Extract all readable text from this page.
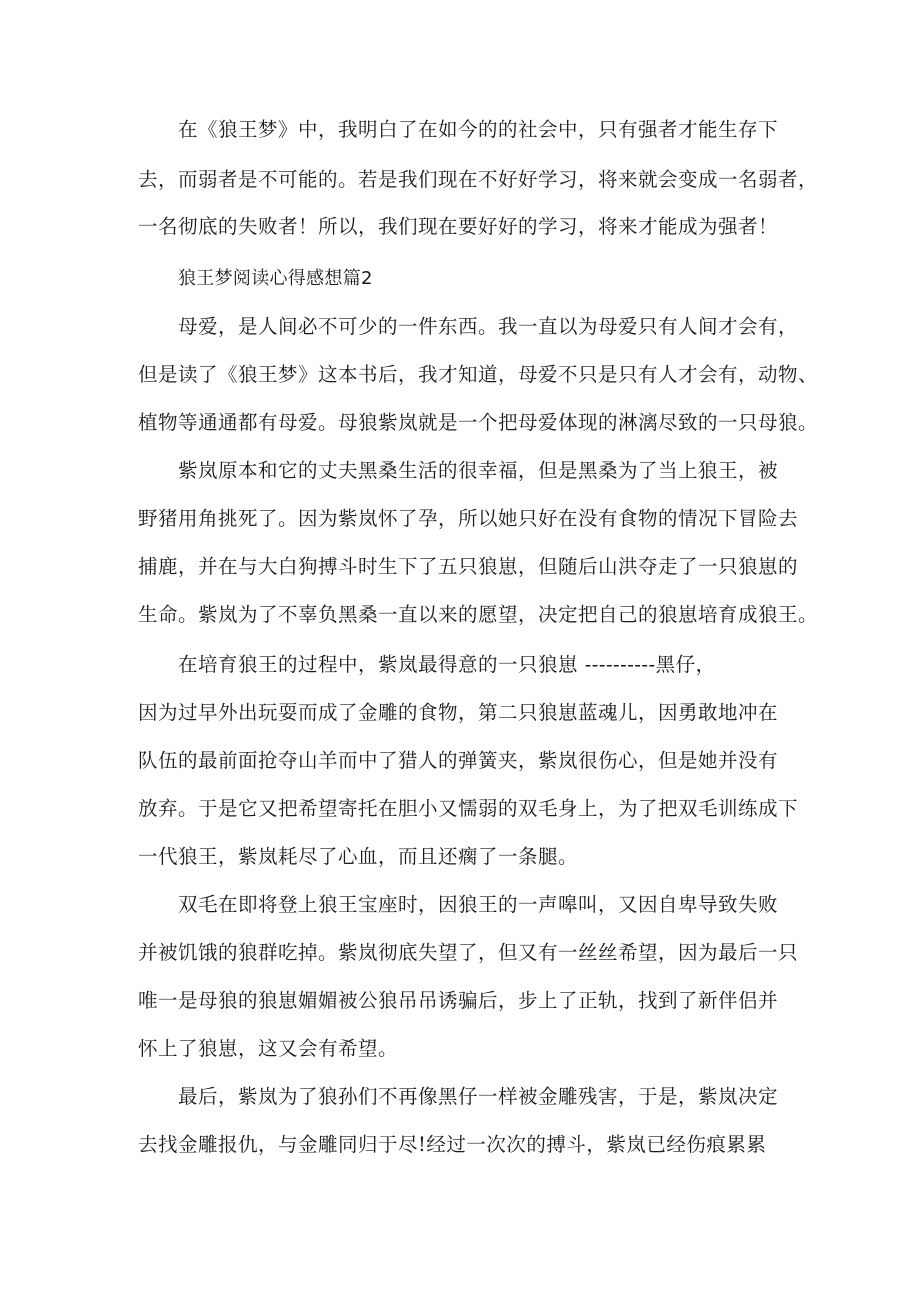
在《狼王梦》中，我明白了在如今的的社会中，只有强者才能生存下
去，而弱者是不可能的。若是我们现在不好好学习，将来就会变成一名弱者，
一名彻底的失败者！所以，我们现在要好好的学习，将来才能成为强者！
狼王梦阅读心得感想篇2
母爱，是人间必不可少的一件东西。我一直以为母爱只有人间才会有，
但是读了《狼王梦》这本书后，我才知道，母爱不只是只有人才会有，动物、
植物等通通都有母爱。母狼紫岚就是一个把母爱体现的淋漓尽致的一只母狼。
紫岚原本和它的丈夫黑桑生活的很幸福，但是黑桑为了当上狼王，被
野猪用角挑死了。因为紫岚怀了孕，所以她只好在没有食物的情况下冒险去
捕鹿，并在与大白狗搏斗时生下了五只狼崽，但随后山洪夺走了一只狼崽的
生命。紫岚为了不辜负黑桑一直以来的愿望，决定把自己的狼崽培育成狼王。
在培育狼王的过程中，紫岚最得意的一只狼崽 ----------黑仔，
因为过早外出玩耍而成了金雕的食物，第二只狼崽蓝魂儿，因勇敢地冲在
队伍的最前面抢夺山羊而中了猎人的弹簧夹，紫岚很伤心，但是她并没有
放弃。于是它又把希望寄托在胆小又懦弱的双毛身上，为了把双毛训练成下
一代狼王，紫岚耗尽了心血，而且还瘸了一条腿。
双毛在即将登上狼王宝座时，因狼王的一声嗥叫，又因自卑导致失败
并被饥饿的狼群吃掉。紫岚彻底失望了，但又有一丝丝希望，因为最后一只
唯一是母狼的狼崽媚媚被公狼吊吊诱骗后，步上了正轨，找到了新伴侣并
怀上了狼崽，这又会有希望。
最后，紫岚为了狼孙们不再像黑仔一样被金雕残害，于是，紫岚决定
去找金雕报仇，与金雕同归于尽!经过一次次的搏斗，紫岚已经伤痕累累
